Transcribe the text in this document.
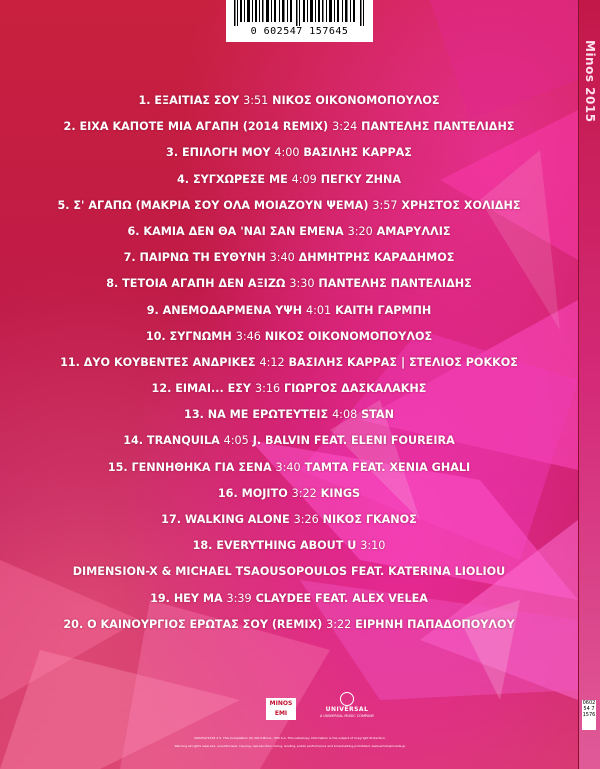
0 602547 157645
1. ΕΞΑΙΤΙΑΣ ΣΟΥ 3:51 ΝΙΚΟΣ ΟΙΚΟΝΟΜΟΠΟΥΛΟΣ
2. ΕΙΧΑ ΚΑΠΟΤΕ ΜΙΑ ΑΓΑΠΗ (2014 REMIX) 3:24 ΠΑΝΤΕΛΗΣ ΠΑΝΤΕΛΙΔΗΣ
3. ΕΠΙΛΟΓΗ ΜΟΥ 4:00 ΒΑΣΙΛΗΣ ΚΑΡΡΑΣ
4. ΣΥΓΧΩΡΕΣΕ ΜΕ 4:09 ΠΕΓΚΥ ΖΗΝΑ
5. Σ' ΑΓΑΠΩ (ΜΑΚΡΙΑ ΣΟΥ ΟΛΑ ΜΟΙΑΖΟΥΝ ΨΕΜΑ) 3:57 ΧΡΗΣΤΟΣ ΧΟΛΙΔΗΣ
6. ΚΑΜΙΑ ΔΕΝ ΘΑ 'ΝΑΙ ΣΑΝ ΕΜΕΝΑ 3:20 ΑΜΑΡΥΛΛΙΣ
7. ΠΑΙΡΝΩ ΤΗ ΕΥΘΥΝΗ 3:40 ΔΗΜΗΤΡΗΣ ΚΑΡΑΔΗΜΟΣ
8. ΤΕΤΟΙΑ ΑΓΑΠΗ ΔΕΝ ΑΞΙΖΩ 3:30 ΠΑΝΤΕΛΗΣ ΠΑΝΤΕΛΙΔΗΣ
9. ΑΝΕΜΟΔΑΡΜΕΝΑ ΥΨΗ 4:01 ΚΑΙΤΗ ΓΑΡΜΠΗ
10. ΣΥΓΝΩΜΗ 3:46 ΝΙΚΟΣ ΟΙΚΟΝΟΜΟΠΟΥΛΟΣ
11. ΔΥΟ ΚΟΥΒΕΝΤΕΣ ΑΝΔΡΙΚΕΣ 4:12 ΒΑΣΙΛΗΣ ΚΑΡΡΑΣ | ΣΤΕΛΙΟΣ ΡΟΚΚΟΣ
12. ΕΙΜΑΙ... ΕΣΥ 3:16 ΓΙΩΡΓΟΣ ΔΑΣΚΑΛΑΚΗΣ
13. ΝΑ ΜΕ ΕΡΩΤΕΥΤΕΙΣ 4:08 STAN
14. TRANQUILA 4:05 J. BALVIN FEAT. ELENI FOUREIRA
15. ΓΕΝΝΗΘΗΚΑ ΓΙΑ ΣΕΝΑ 3:40 ΤΑΜΤΑ FEAT. XENIA GHALI
16. MOJITO 3:22 KINGS
17. WALKING ALONE 3:26 ΝΙΚΟΣ ΓΚΑΝΟΣ
18. EVERYTHING ABOUT U 3:10
DIMENSION-X & MICHAEL TSAOUSOPOULOS FEAT. KATERINA LIOLIOU
19. HEY MA 3:39 CLAYDEE FEAT. ALEX VELEA
20. Ο ΚΑΙΝΟΥΡΓΙΟΣ ΕΡΩΤΑΣ ΣΟΥ (REMIX) 3:22 ΕΙΡΗΝΗ ΠΑΠΑΔΟΠΟΥΛΟΥ
MINOS EMI
UNIVERSAL
A UNIVERSAL MUSIC COMPANY
06025471576 4 5. This Compilation (P) 2014 Minos - EMI S.A. This Labelcopy information is the subject of Copyright Protection.
Warning all rights reserved, unauthorised, copying, reproduction, hiring, lending, public performance and broadcasting prohibited. www.emidownloads.gr
Minos 2015
060254 71576
